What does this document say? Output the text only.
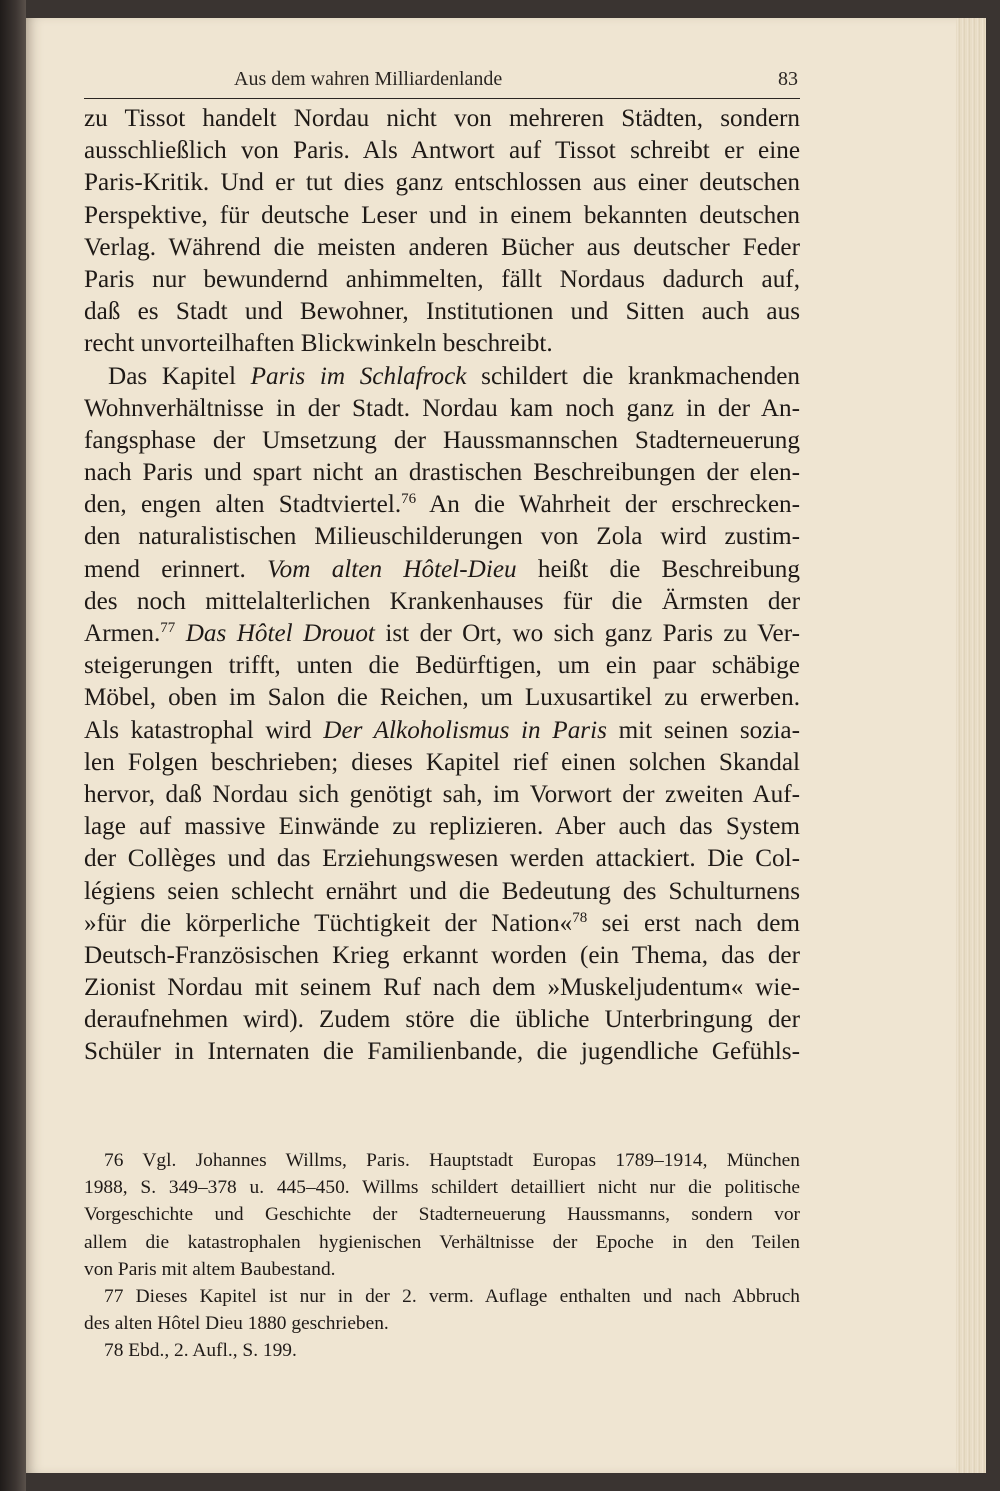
Aus dem wahren Milliardenlande	83
zu Tissot handelt Nordau nicht von mehreren Städten, sondern
ausschließlich von Paris. Als Antwort auf Tissot schreibt er eine
Paris-Kritik. Und er tut dies ganz entschlossen aus einer deutschen
Perspektive, für deutsche Leser und in einem bekannten deutschen
Verlag. Während die meisten anderen Bücher aus deutscher Feder
Paris nur bewundernd anhimmelten, fällt Nordaus dadurch auf,
daß es Stadt und Bewohner, Institutionen und Sitten auch aus
recht unvorteilhaften Blickwinkeln beschreibt.
Das Kapitel Paris im Schlafrock schildert die krankmachenden
Wohnverhältnisse in der Stadt. Nordau kam noch ganz in der An-
fangsphase der Umsetzung der Haussmannschen Stadterneuerung
nach Paris und spart nicht an drastischen Beschreibungen der elen-
den, engen alten Stadtviertel.$^{76}$ An die Wahrheit der erschrecken-
den naturalistischen Milieuschilderungen von Zola wird zustim-
mend erinnert. Vom alten Hôtel-Dieu heißt die Beschreibung
des noch mittelalterlichen Krankenhauses für die Ärmsten der
Armen.$^{77}$ Das Hôtel Drouot ist der Ort, wo sich ganz Paris zu Ver-
steigerungen trifft, unten die Bedürftigen, um ein paar schäbige
Möbel, oben im Salon die Reichen, um Luxusartikel zu erwerben.
Als katastrophal wird Der Alkoholismus in Paris mit seinen sozia-
len Folgen beschrieben; dieses Kapitel rief einen solchen Skandal
hervor, daß Nordau sich genötigt sah, im Vorwort der zweiten Auf-
lage auf massive Einwände zu replizieren. Aber auch das System
der Collèges und das Erziehungswesen werden attackiert. Die Col-
légiens seien schlecht ernährt und die Bedeutung des Schulturnens
»für die körperliche Tüchtigkeit der Nation«$^{78}$ sei erst nach dem
Deutsch-Französischen Krieg erkannt worden (ein Thema, das der
Zionist Nordau mit seinem Ruf nach dem »Muskeljudentum« wie-
deraufnehmen wird). Zudem störe die übliche Unterbringung der
Schüler in Internaten die Familienbande, die jugendliche Gefühls-
76 Vgl. Johannes Willms, Paris. Hauptstadt Europas 1789–1914, München
1988, S. 349–378 u. 445–450. Willms schildert detailliert nicht nur die politische
Vorgeschichte und Geschichte der Stadterneuerung Haussmanns, sondern vor
allem die katastrophalen hygienischen Verhältnisse der Epoche in den Teilen
von Paris mit altem Baubestand.
77 Dieses Kapitel ist nur in der 2. verm. Auflage enthalten und nach Abbruch
des alten Hôtel Dieu 1880 geschrieben.
78 Ebd., 2. Aufl., S. 199.
